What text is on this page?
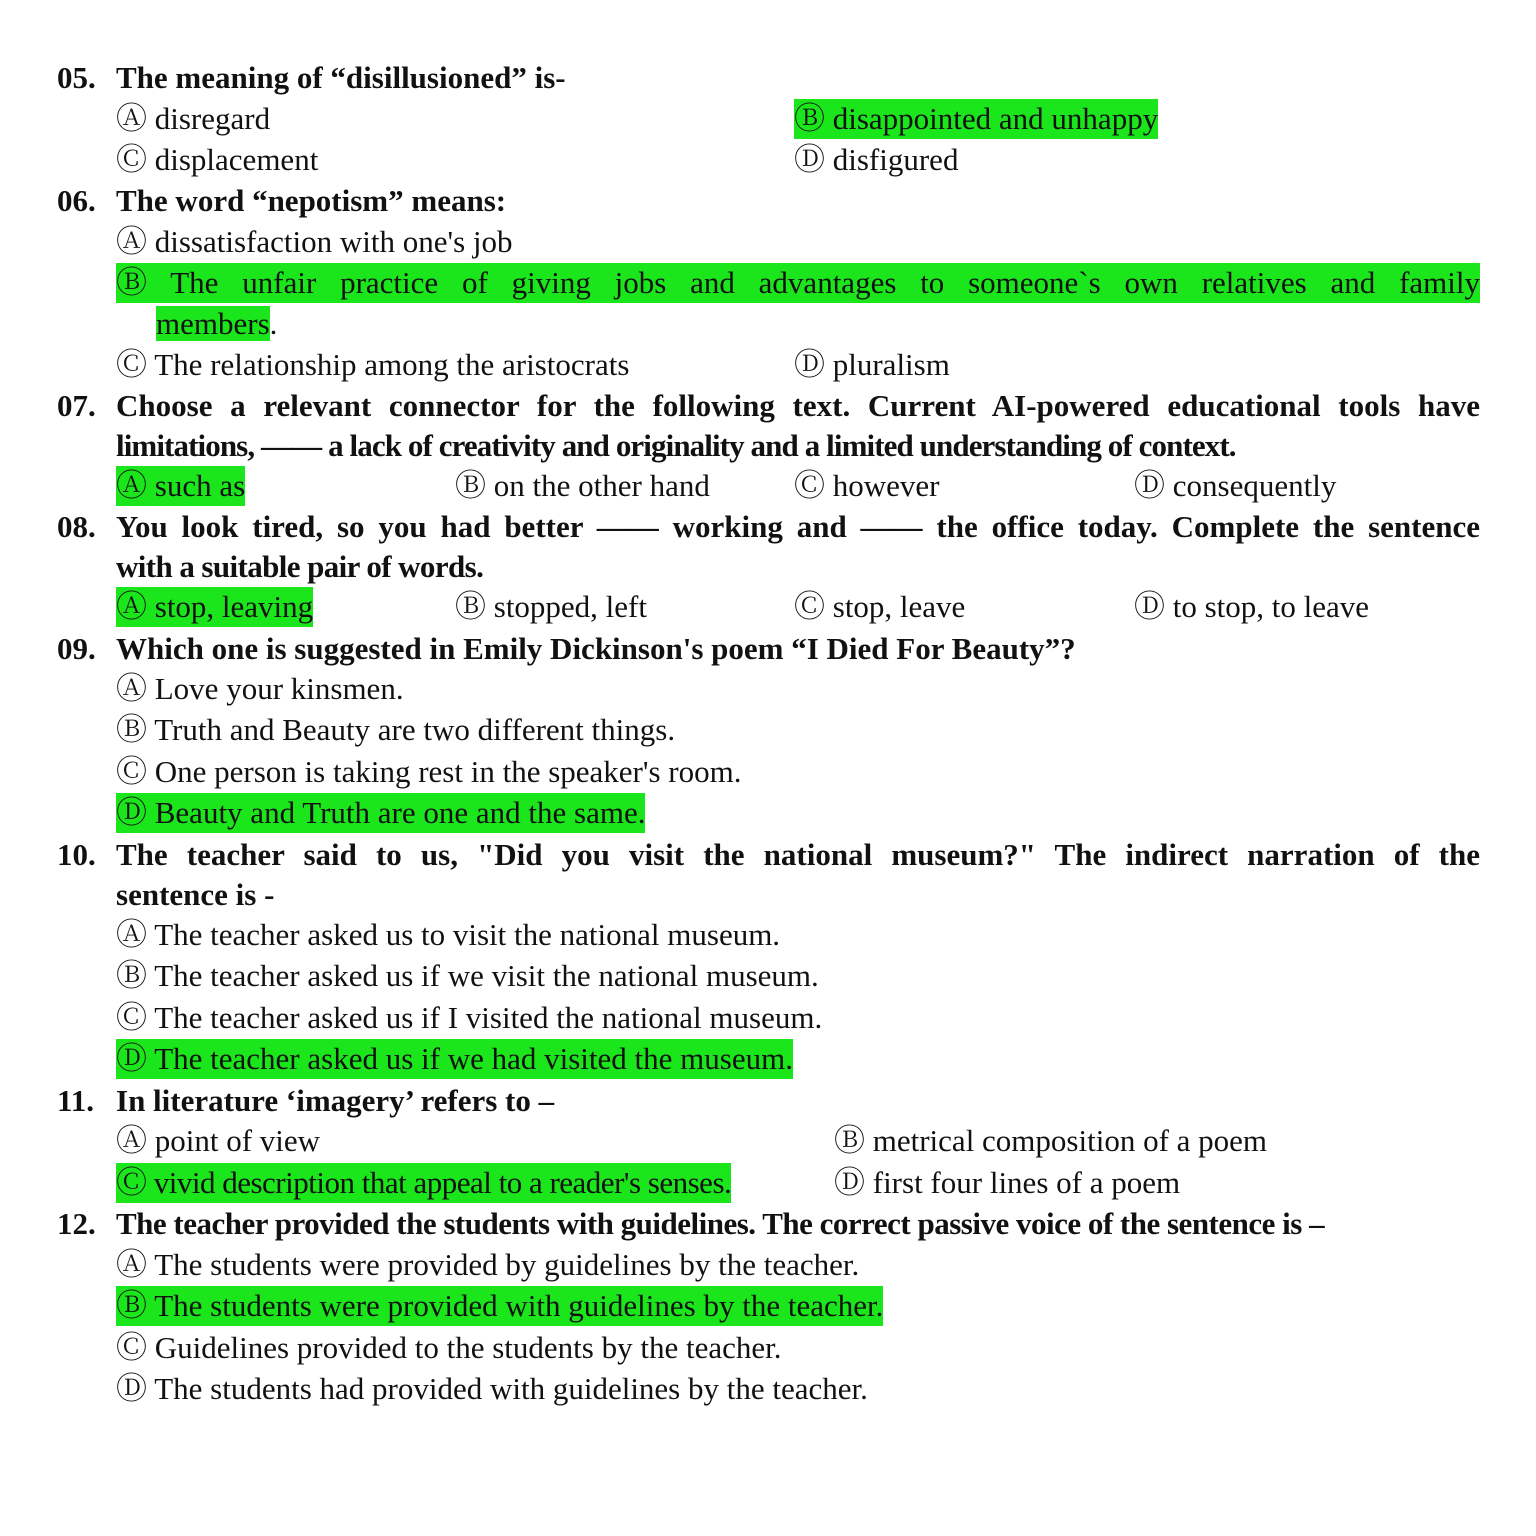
05. The meaning of “disillusioned” is-
Ⓐ disregard	Ⓑ disappointed and unhappy
Ⓒ displacement	Ⓓ disfigured
06. The word “nepotism” means:
Ⓐ dissatisfaction with one's job
Ⓑ The unfair practice of giving jobs and advantages to someone`s own relatives and family
members.
Ⓒ The relationship among the aristocrats	Ⓓ pluralism
07. Choose a relevant connector for the following text. Current AI-powered educational tools have
limitations, —— a lack of creativity and originality and a limited understanding of context.
Ⓐ such as	Ⓑ on the other hand	Ⓒ however	Ⓓ consequently
08. You look tired, so you had better —— working and —— the office today. Complete the sentence
with a suitable pair of words.
Ⓐ stop, leaving	Ⓑ stopped, left	Ⓒ stop, leave	Ⓓ to stop, to leave
09. Which one is suggested in Emily Dickinson's poem “I Died For Beauty”?
Ⓐ Love your kinsmen.
Ⓑ Truth and Beauty are two different things.
Ⓒ One person is taking rest in the speaker's room.
Ⓓ Beauty and Truth are one and the same.
10. The teacher said to us, "Did you visit the national museum?" The indirect narration of the
sentence is -
Ⓐ The teacher asked us to visit the national museum.
Ⓑ The teacher asked us if we visit the national museum.
Ⓒ The teacher asked us if I visited the national museum.
Ⓓ The teacher asked us if we had visited the museum.
11. In literature ‘imagery’ refers to –
Ⓐ point of view	Ⓑ metrical composition of a poem
Ⓒ vivid description that appeal to a reader's senses.	Ⓓ first four lines of a poem
12. The teacher provided the students with guidelines. The correct passive voice of the sentence is –
Ⓐ The students were provided by guidelines by the teacher.
Ⓑ The students were provided with guidelines by the teacher.
Ⓒ Guidelines provided to the students by the teacher.
Ⓓ The students had provided with guidelines by the teacher.
